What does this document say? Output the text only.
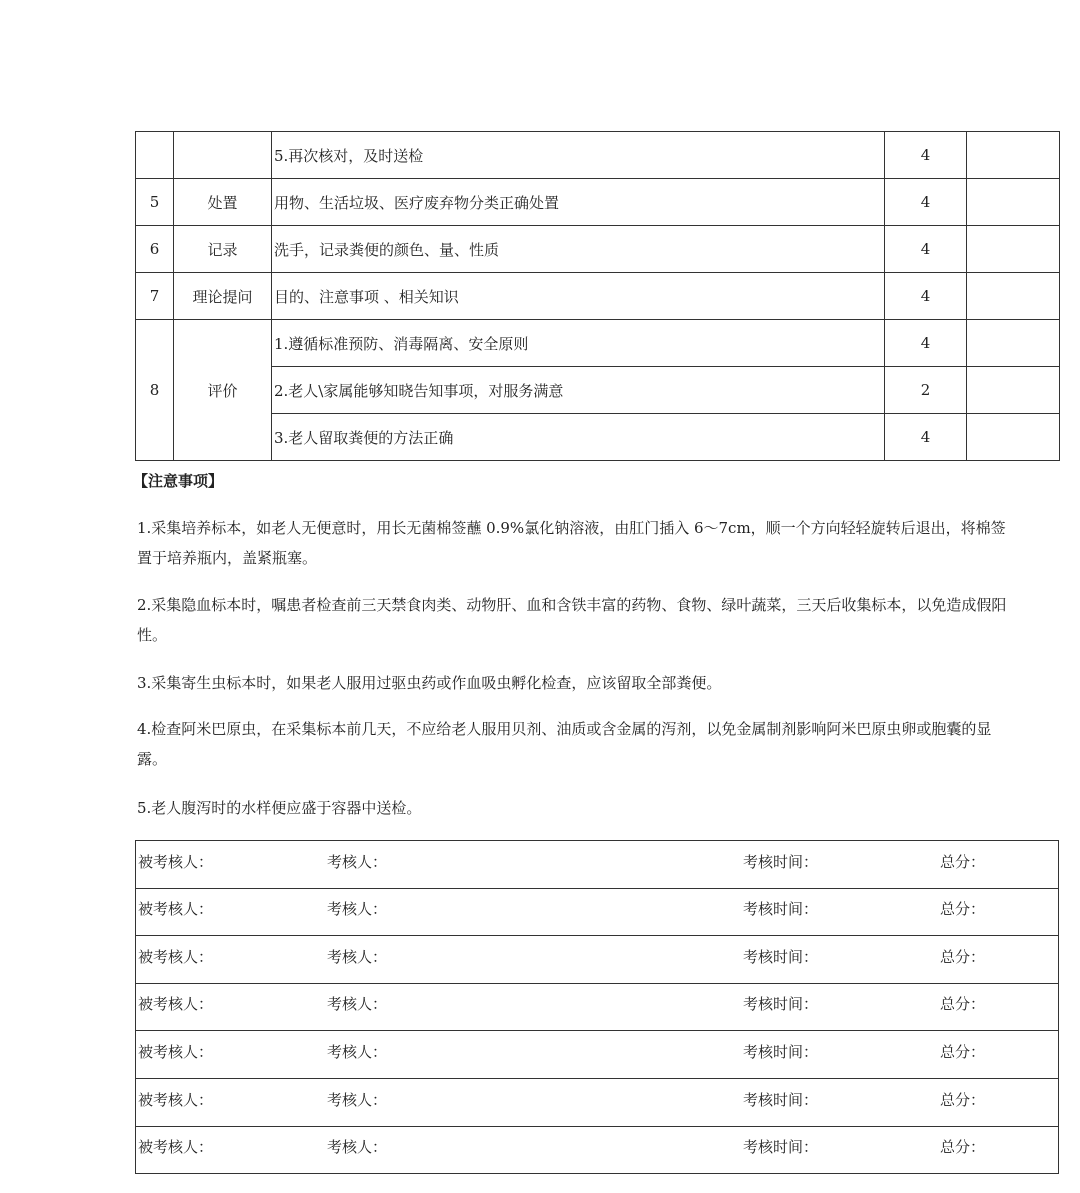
		5.再次核对，及时送检	4	
5	处置	用物、生活垃圾、医疗废弃物分类正确处置	4	
6	记录	洗手，记录粪便的颜色、量、性质	4	
7	理论提问	目的、注意事项 、相关知识	4	
8	评价	1.遵循标准预防、消毒隔离、安全原则	4	
		2.老人\家属能够知晓告知事项，对服务满意	2	
		3.老人留取粪便的方法正确	4	
【注意事项】
1.采集培养标本，如老人无便意时，用长无菌棉签蘸 0.9%氯化钠溶液，由肛门插入 6～7cm，顺一个方向轻轻旋转后退出，将棉签置于培养瓶内，盖紧瓶塞。
2.采集隐血标本时，嘱患者检查前三天禁食肉类、动物肝、血和含铁丰富的药物、食物、绿叶蔬菜，三天后收集标本，以免造成假阳性。
3.采集寄生虫标本时，如果老人服用过驱虫药或作血吸虫孵化检查，应该留取全部粪便。
4.检查阿米巴原虫，在采集标本前几天，不应给老人服用贝剂、油质或含金属的泻剂，以免金属制剂影响阿米巴原虫卵或胞囊的显露。
5.老人腹泻时的水样便应盛于容器中送检。
被考核人：	考核人：	考核时间：	总分：
被考核人：	考核人：	考核时间：	总分：
被考核人：	考核人：	考核时间：	总分：
被考核人：	考核人：	考核时间：	总分：
被考核人：	考核人：	考核时间：	总分：
被考核人：	考核人：	考核时间：	总分：
被考核人：	考核人：	考核时间：	总分：
